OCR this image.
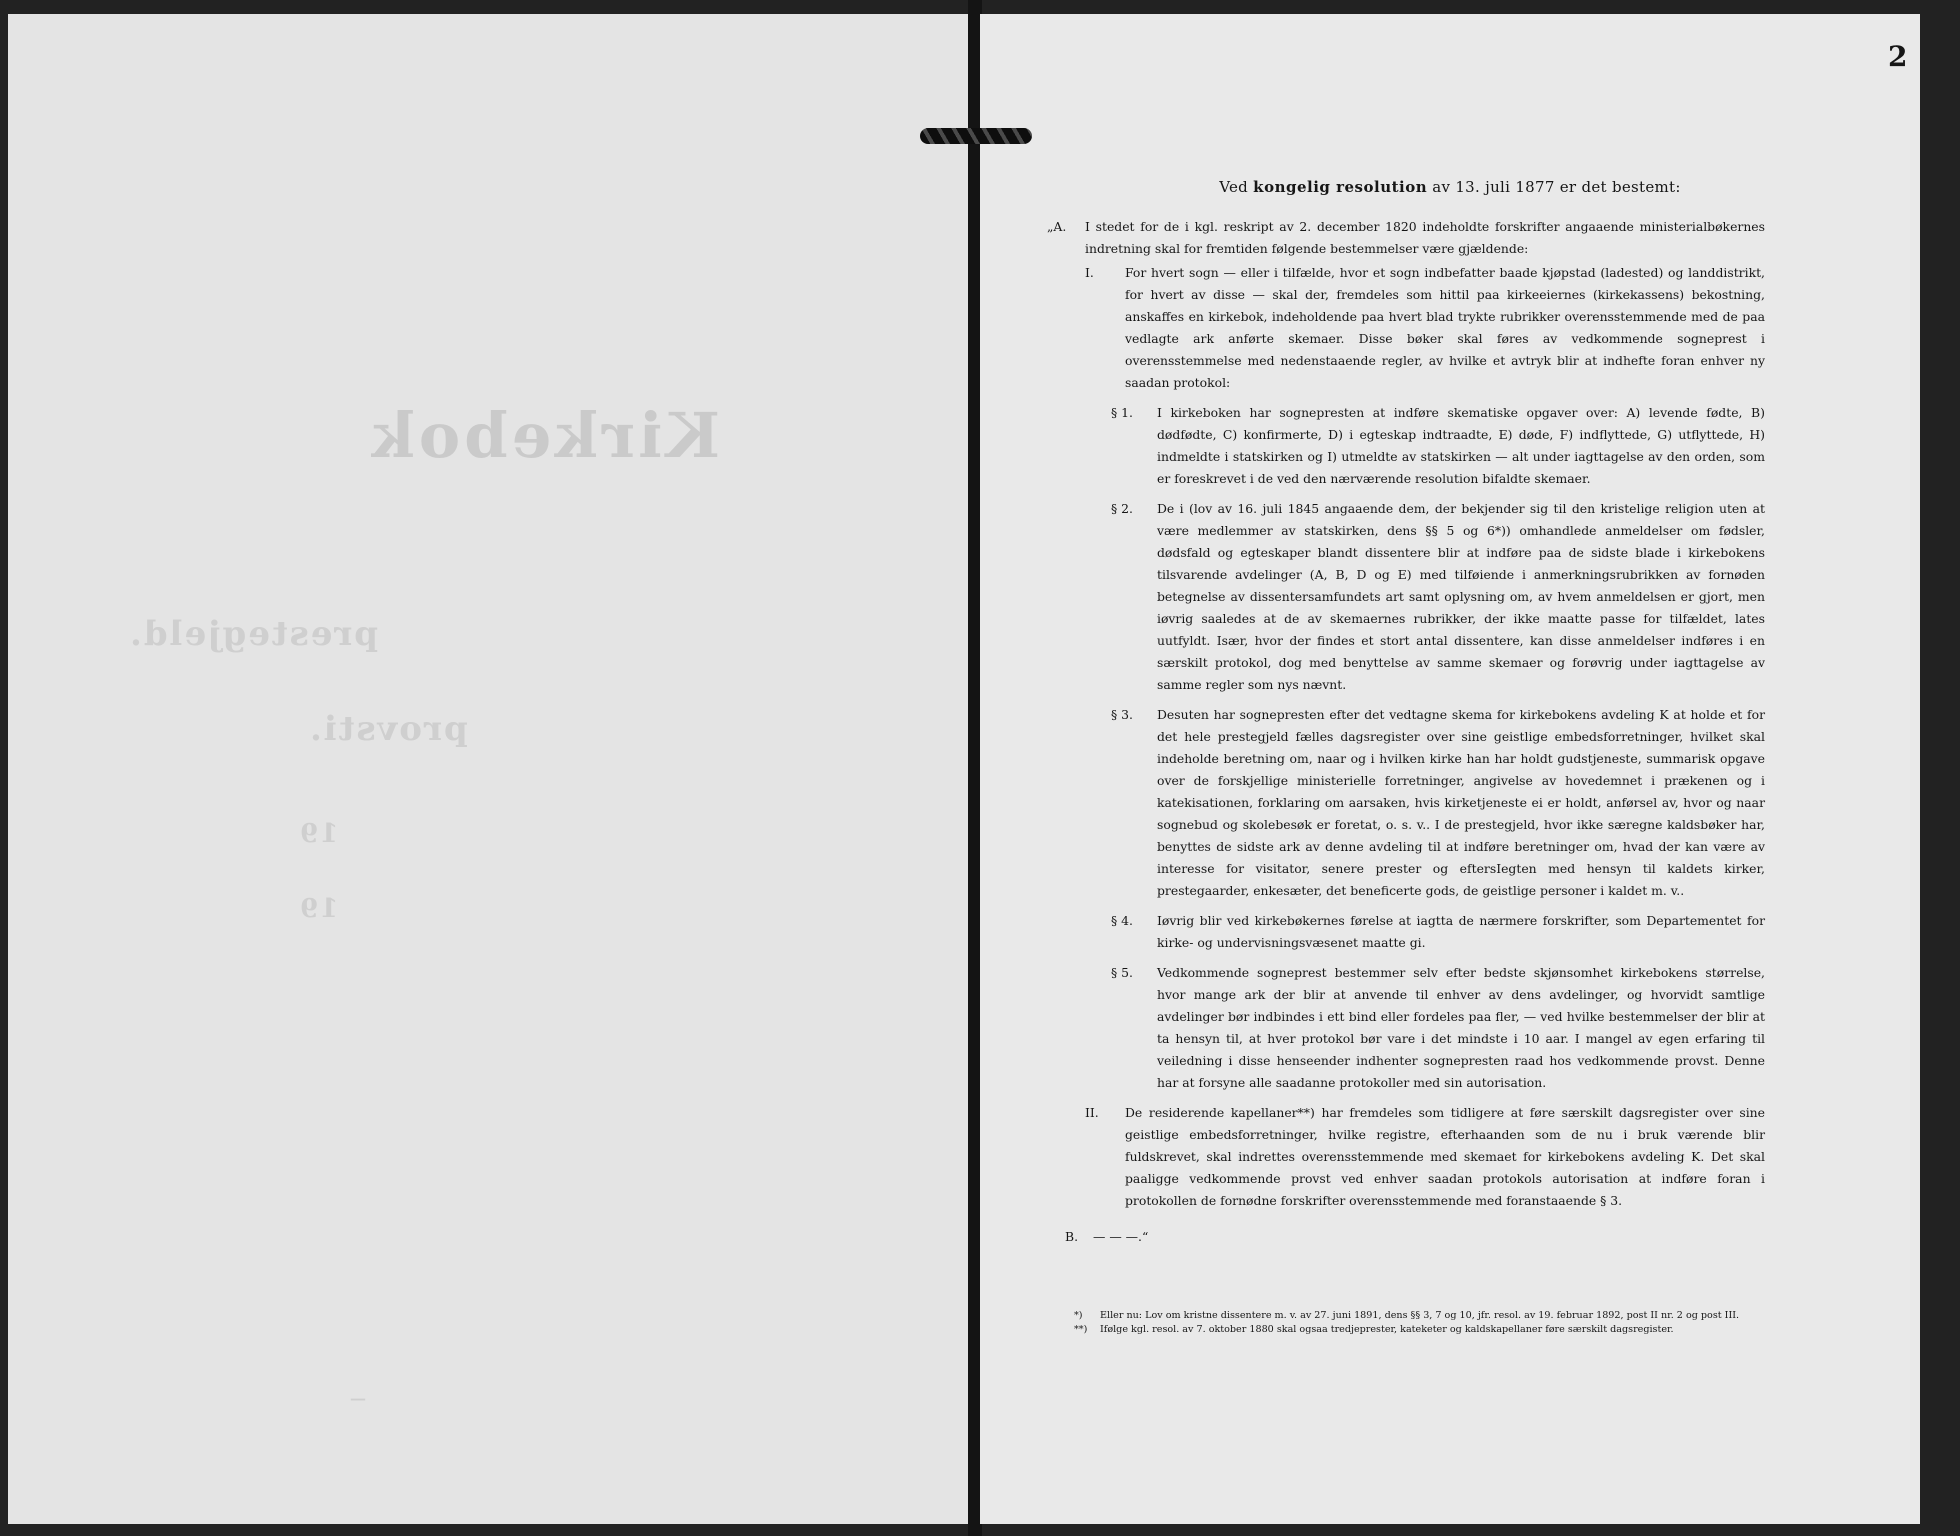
Kirkebok
prestegjeld.
provsti.
19
19
—
2
Ved kongelig resolution av 13. juli 1877 er det bestemt:
„A. I stedet for de i kgl. reskript av 2. december 1820 indeholdte forskrifter angaaende ministerialbøkernes indretning skal for fremtiden følgende bestemmelser være gjældende:
I.	For hvert sogn — eller i tilfælde, hvor et sogn indbefatter baade kjøpstad (ladested) og landdistrikt, for hvert av disse — skal der, fremdeles som hittil paa kirkeeiernes (kirkekassens) bekostning, anskaffes en kirkebok, indeholdende paa hvert blad trykte rubrikker overensstemmende med de paa vedlagte ark anførte skemaer. Disse bøker skal føres av vedkommende sogneprest i overensstemmelse med nedenstaaende regler, av hvilke et avtryk blir at indhefte foran enhver ny saadan protokol:
§ 1. I kirkeboken har sognepresten at indføre skematiske opgaver over: A) levende fødte, B) dødfødte, C) konfirmerte, D) i egteskap indtraadte, E) døde, F) indflyttede, G) utflyttede, H) indmeldte i statskirken og I) utmeldte av statskirken — alt under iagttagelse av den orden, som er foreskrevet i de ved den nærværende resolution bifaldte skemaer.
§ 2. De i (lov av 16. juli 1845 angaaende dem, der bekjender sig til den kristelige religion uten at være medlemmer av statskirken, dens §§ 5 og 6*)) omhandlede anmeldelser om fødsler, dødsfald og egteskaper blandt dissentere blir at indføre paa de sidste blade i kirkebokens tilsvarende avdelinger (A, B, D og E) med tilføiende i anmerkningsrubrikken av fornøden betegnelse av dissentersamfundets art samt oplysning om, av hvem anmeldelsen er gjort, men iøvrig saaledes at de av skemaernes rubrikker, der ikke maatte passe for tilfældet, lates uutfyldt. Især, hvor der findes et stort antal dissentere, kan disse anmeldelser indføres i en særskilt protokol, dog med benyttelse av samme skemaer og forøvrig under iagttagelse av samme regler som nys nævnt.
§ 3. Desuten har sognepresten efter det vedtagne skema for kirkebokens avdeling K at holde et for det hele prestegjeld fælles dagsregister over sine geistlige embedsforretninger, hvilket skal indeholde beretning om, naar og i hvilken kirke han har holdt gudstjeneste, summarisk opgave over de forskjellige ministerielle forretninger, angivelse av hovedemnet i prækenen og i katekisationen, forklaring om aarsaken, hvis kirketjeneste ei er holdt, anførsel av, hvor og naar sognebud og skolebesøk er foretat, o. s. v.. I de prestegjeld, hvor ikke særegne kaldsbøker har, benyttes de sidste ark av denne avdeling til at indføre beretninger om, hvad der kan være av interesse for visitator, senere prester og eftersIegten med hensyn til kaldets kirker, prestegaarder, enkesæter, det beneficerte gods, de geistlige personer i kaldet m. v..
§ 4. Iøvrig blir ved kirkebøkernes førelse at iagtta de nærmere forskrifter, som Departementet for kirke- og undervisningsvæsenet maatte gi.
§ 5. Vedkommende sogneprest bestemmer selv efter bedste skjønsomhet kirkebokens størrelse, hvor mange ark der blir at anvende til enhver av dens avdelinger, og hvorvidt samtlige avdelinger bør indbindes i ett bind eller fordeles paa fler, — ved hvilke bestemmelser der blir at ta hensyn til, at hver protokol bør vare i det mindste i 10 aar. I mangel av egen erfaring til veiledning i disse henseender indhenter sognepresten raad hos vedkommende provst. Denne har at forsyne alle saadanne protokoller med sin autorisation.
II. De residerende kapellaner**) har fremdeles som tidligere at føre særskilt dagsregister over sine geistlige embedsforretninger, hvilke registre, efterhaanden som de nu i bruk værende blir fuldskrevet, skal indrettes overensstemmende med skemaet for kirkebokens avdeling K. Det skal paaligge vedkommende provst ved enhver saadan protokols autorisation at indføre foran i protokollen de fornødne forskrifter overensstemmende med foranstaaende § 3.
B.	— — —.“
*) Eller nu: Lov om kristne dissentere m. v. av 27. juni 1891, dens §§ 3, 7 og 10, jfr. resol. av 19. februar 1892, post II nr. 2 og post III.
**) Ifølge kgl. resol. av 7. oktober 1880 skal ogsaa tredjeprester, kateketer og kaldskapellaner føre særskilt dagsregister.
